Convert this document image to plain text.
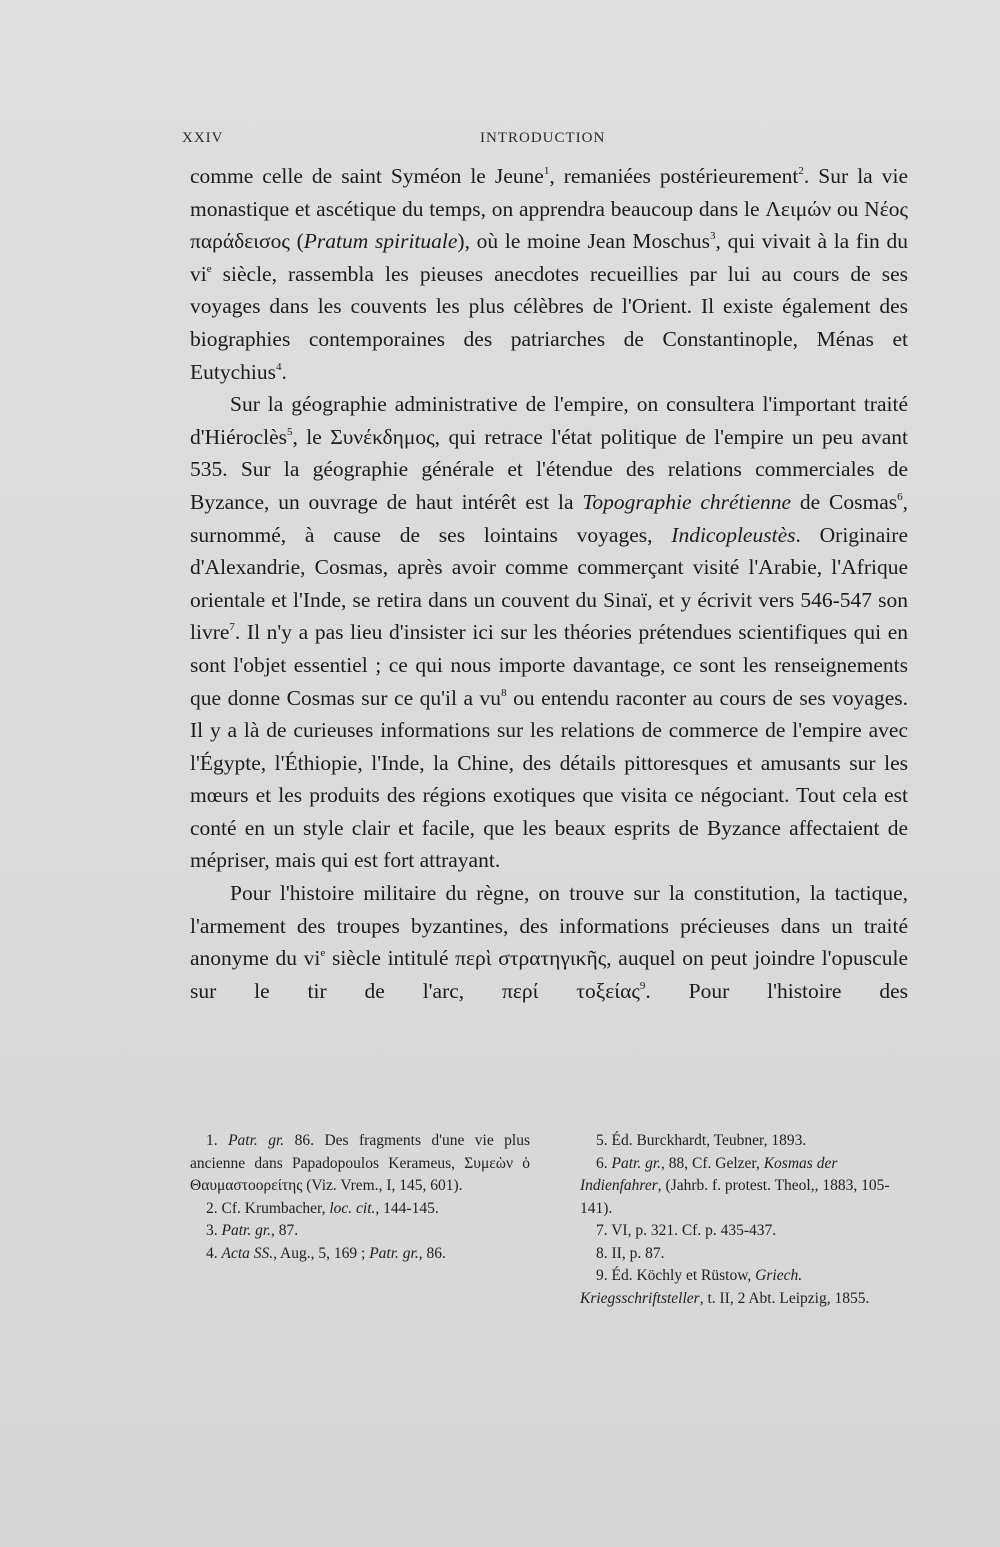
XXIV	INTRODUCTION

comme celle de saint Syméon le Jeune$^1$, remaniées postérieurement$^2$. Sur la vie monastique et ascétique du temps, on apprendra beaucoup dans le Λειμών ou Νέος παράδεισος (Pratum spirituale), où le moine Jean Moschus$^3$, qui vivait à la fin du $vi^e$ siècle, rassembla les pieuses anecdotes recueillies par lui au cours de ses voyages dans les couvents les plus célèbres de l'Orient. Il existe également des biographies contemporaines des patriarches de Constantinople, Ménas et Eutychius$^4$.

Sur la géographie administrative de l'empire, on consultera l'important traité d'Hiéroclès$^5$, le Συνέκδημος, qui retrace l'état politique de l'empire un peu avant 535. Sur la géographie générale et l'étendue des relations commerciales de Byzance, un ouvrage de haut intérêt est la Topographie chrétienne de Cosmas$^6$, surnommé, à cause de ses lointains voyages, Indicopleustès. Originaire d'Alexandrie, Cosmas, après avoir comme commerçant visité l'Arabie, l'Afrique orientale et l'Inde, se retira dans un couvent du Sinaï, et y écrivit vers 546-547 son livre$^7$. Il n'y a pas lieu d'insister ici sur les théories prétendues scientifiques qui en sont l'objet essentiel ; ce qui nous importe davantage, ce sont les renseignements que donne Cosmas sur ce qu'il a $vu^8$ ou entendu raconter au cours de ses voyages. Il y a là de curieuses informations sur les relations de commerce de l'empire avec l'Égypte, l'Éthiopie, l'Inde, la Chine, des détails pittoresques et amusants sur les mœurs et les produits des régions exotiques que visita ce négociant. Tout cela est conté en un style clair et facile, que les beaux esprits de Byzance affectaient de mépriser, mais qui est fort attrayant.

Pour l'histoire militaire du règne, on trouve sur la constitution, la tactique, l'armement des troupes byzantines, des informations précieuses dans un traité anonyme du $vi^e$ siècle intitulé περὶ στρατηγικῆς, auquel on peut joindre l'opuscule sur le tir de l'arc, περί τοξείας$^9$. Pour l'histoire des

1. Patr. gr. 86. Des fragments d'une vie plus ancienne dans Papadopoulos Kerameus, Συμεὼν ὁ Θαυμαστοορείτης (Viz. Vrem., I, 145, 601).

2. Cf. Krumbacher, loc. cit., 144-145.

3. Patr. gr., 87.

4. Acta SS., Aug., 5, 169 ; Patr. gr., 86.

5. Éd. Burckhardt, Teubner, 1893.

6. Patr. gr., 88, Cf. Gelzer, Kosmas der Indienfahrer, (Jahrb. f. protest. Theol,, 1883, 105-141).

7. VI, p. 321. Cf. p. 435-437.

8. II, p. 87.

9. Éd. Köchly et Rüstow, Griech. Kriegsschriftsteller, t. II, 2 Abt. Leipzig, 1855.
